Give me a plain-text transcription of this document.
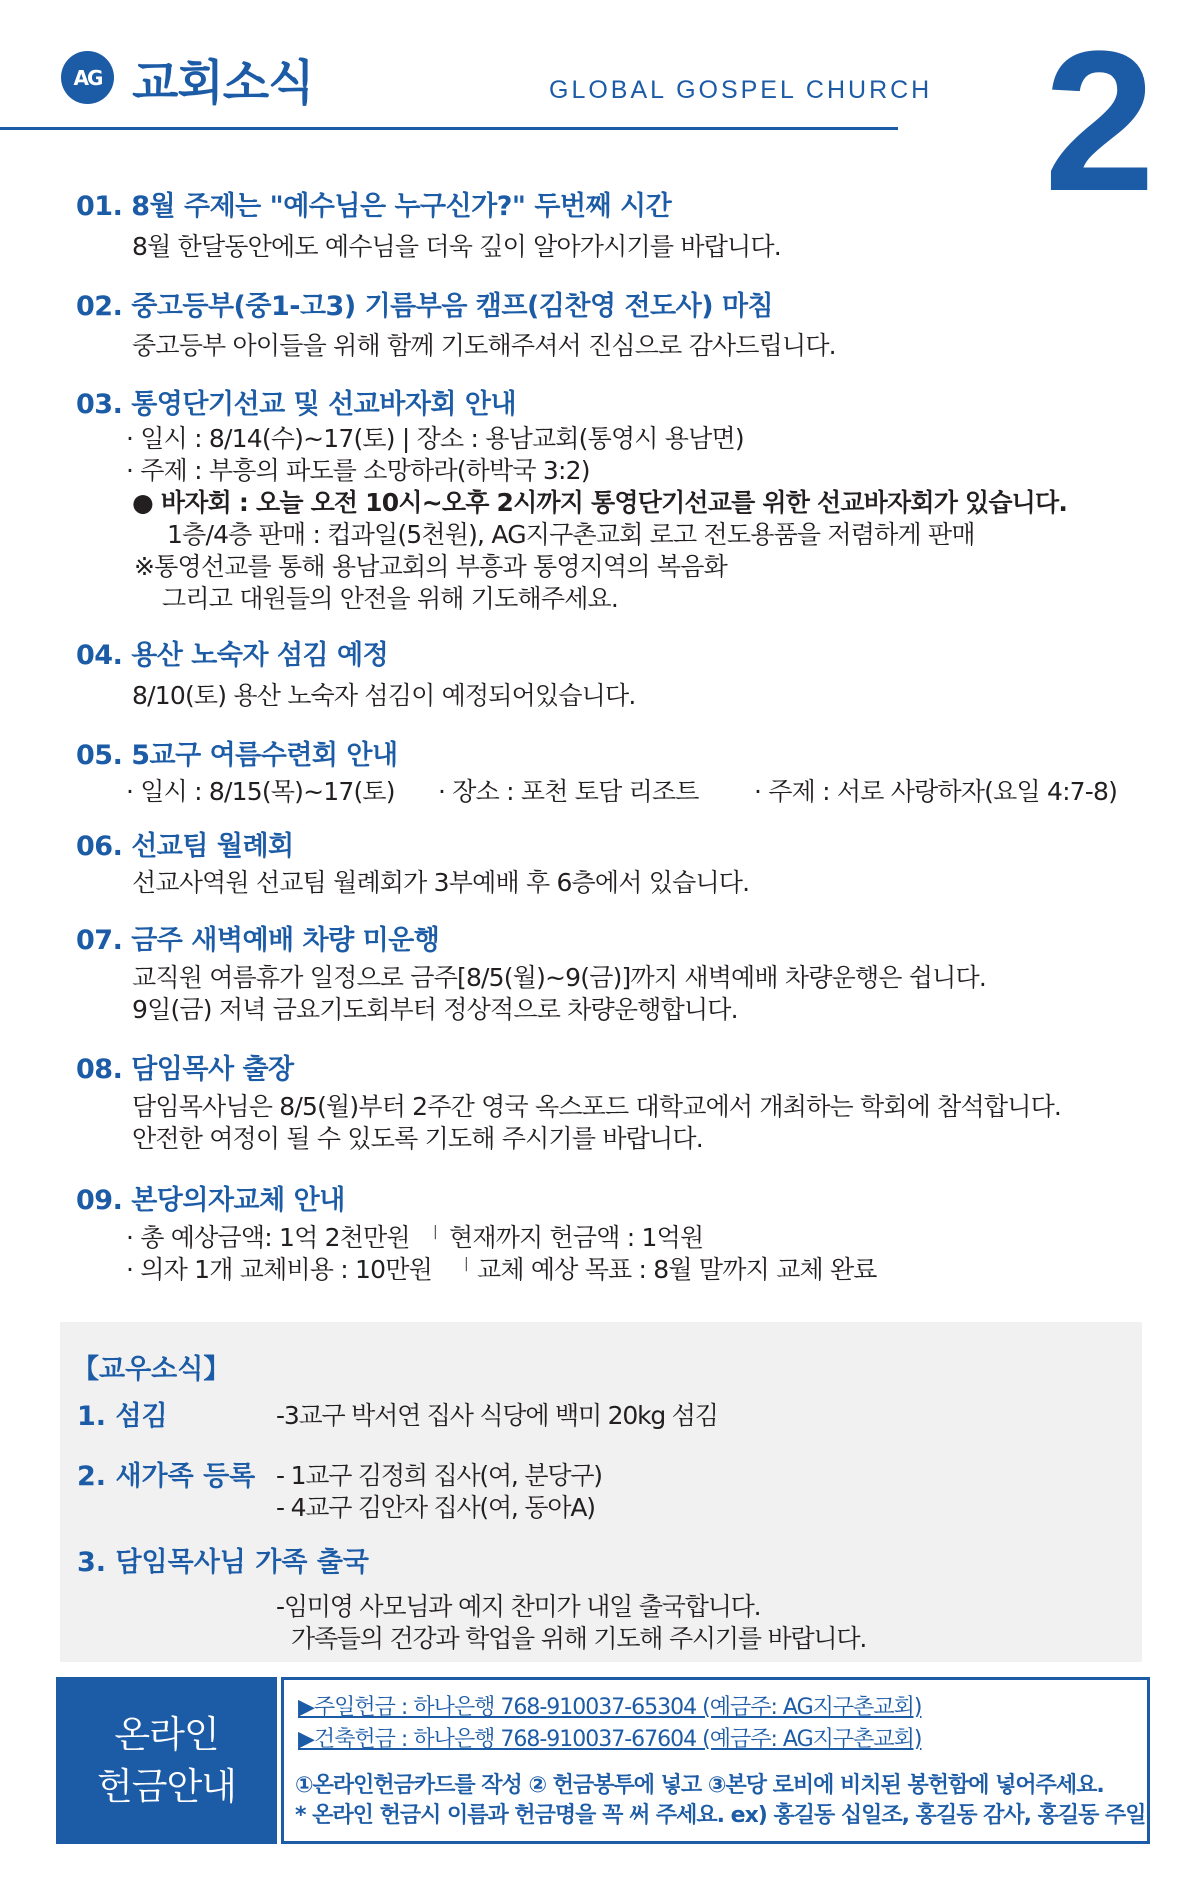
AG 교회소식	GLOBAL GOSPEL CHURCH 2
01. 8월 주제는 "예수님은 누구신가?" 두번째 시간
8월 한달동안에도 예수님을 더욱 깊이 알아가시기를 바랍니다.
02. 중고등부(중1-고3) 기름부음 캠프(김찬영 전도사) 마침
중고등부 아이들을 위해 함께 기도해주셔서 진심으로 감사드립니다.
03. 통영단기선교 및 선교바자회 안내
· 일시 : 8/14(수)~17(토) | 장소 : 용남교회(통영시 용남면)
· 주제 : 부흥의 파도를 소망하라(하박국 3:2)
● 바자회 : 오늘 오전 10시~오후 2시까지 통영단기선교를 위한 선교바자회가 있습니다.
1층/4층 판매 : 컵과일(5천원), AG지구촌교회 로고 전도용품을 저렴하게 판매
※통영선교를 통해 용남교회의 부흥과 통영지역의 복음화
그리고 대원들의 안전을 위해 기도해주세요.
04. 용산 노숙자 섬김 예정
8/10(토) 용산 노숙자 섬김이 예정되어있습니다.
05. 5교구 여름수련회 안내
· 일시 : 8/15(목)~17(토) · 장소 : 포천 토담 리조트 · 주제 : 서로 사랑하자(요일 4:7-8)
06. 선교팀 월례회
선교사역원 선교팀 월례회가 3부예배 후 6층에서 있습니다.
07. 금주 새벽예배 차량 미운행
교직원 여름휴가 일정으로 금주[8/5(월)~9(금)]까지 새벽예배 차량운행은 쉽니다.
9일(금) 저녁 금요기도회부터 정상적으로 차량운행합니다.
08. 담임목사 출장
담임목사님은 8/5(월)부터 2주간 영국 옥스포드 대학교에서 개최하는 학회에 참석합니다.
안전한 여정이 될 수 있도록 기도해 주시기를 바랍니다.
09. 본당의자교체 안내
· 총 예상금액: 1억 2천만원 | 현재까지 헌금액 : 1억원
· 의자 1개 교체비용 : 10만원 | 교체 예상 목표 : 8월 말까지 교체 완료
【교우소식】
1. 섬김	-3교구 박서연 집사 식당에 백미 20kg 섬김
2. 새가족 등록 - 1교구 김정희 집사(여, 분당구)
- 4교구 김안자 집사(여, 동아A)
3. 담임목사님 가족 출국
-임미영 사모님과 예지 찬미가 내일 출국합니다.
가족들의 건강과 학업을 위해 기도해 주시기를 바랍니다.
온라인
헌금안내
▶주일헌금 : 하나은행 768-910037-65304 (예금주: AG지구촌교회)
▶건축헌금 : 하나은행 768-910037-67604 (예금주: AG지구촌교회)
①온라인헌금카드를 작성 ② 헌금봉투에 넣고 ③본당 로비에 비치된 봉헌함에 넣어주세요.
* 온라인 헌금시 이름과 헌금명을 꼭 써 주세요. ex) 홍길동 십일조, 홍길동 감사, 홍길동 주일
